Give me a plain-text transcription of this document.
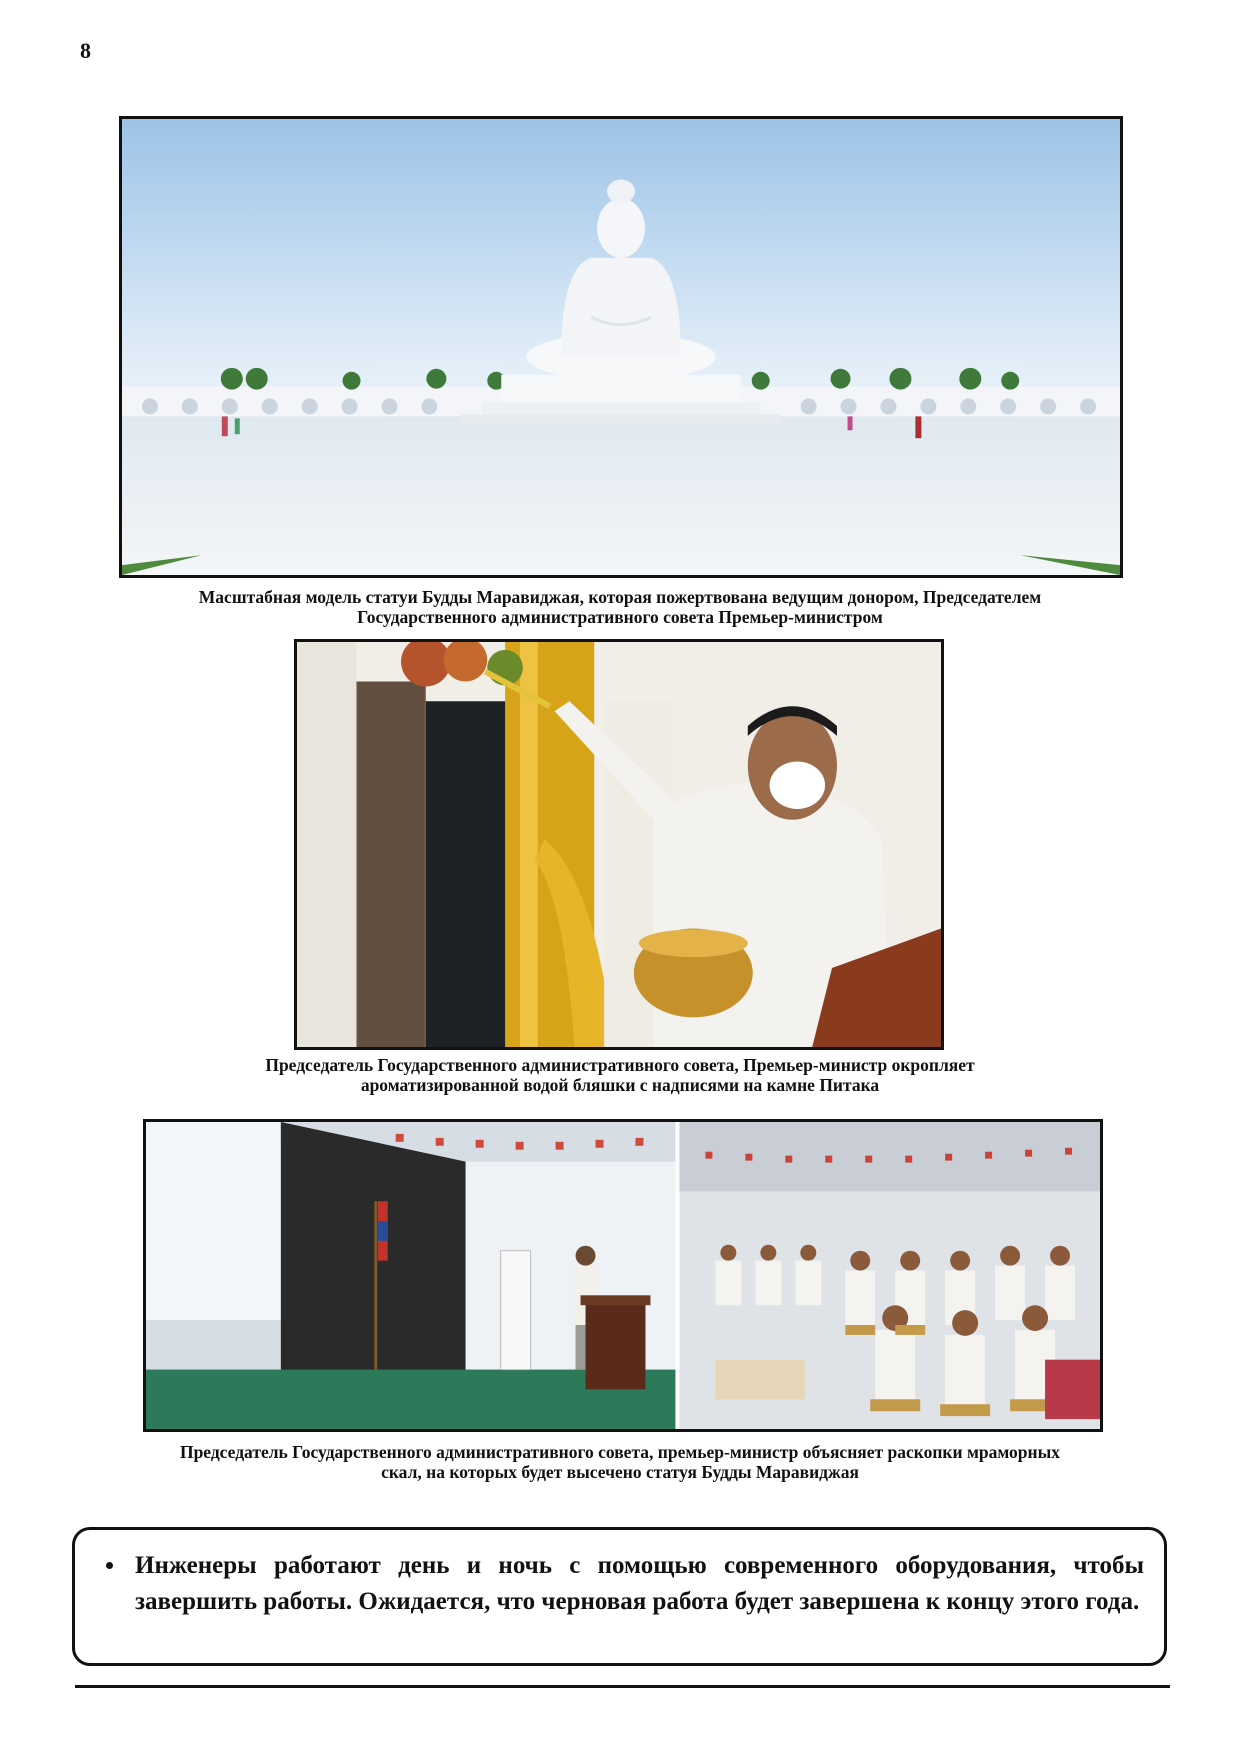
8
Масштабная модель статуи Будды Маравиджая, которая пожертвована ведущим донором, Председателем
Государственного административного совета Премьер-министром
Председатель Государственного административного совета, Премьер-министр окропляет
ароматизированной водой бляшки с надписями на камне Питака
Председатель Государственного административного совета, премьер-министр объясняет раскопки мраморных
скал, на которых будет высечено статуя Будды Маравиджая
• Инженеры работают день и ночь с помощью современного оборудования, чтобы завершить работы. Ожидается, что черновая работа будет завершена к концу этого года.
